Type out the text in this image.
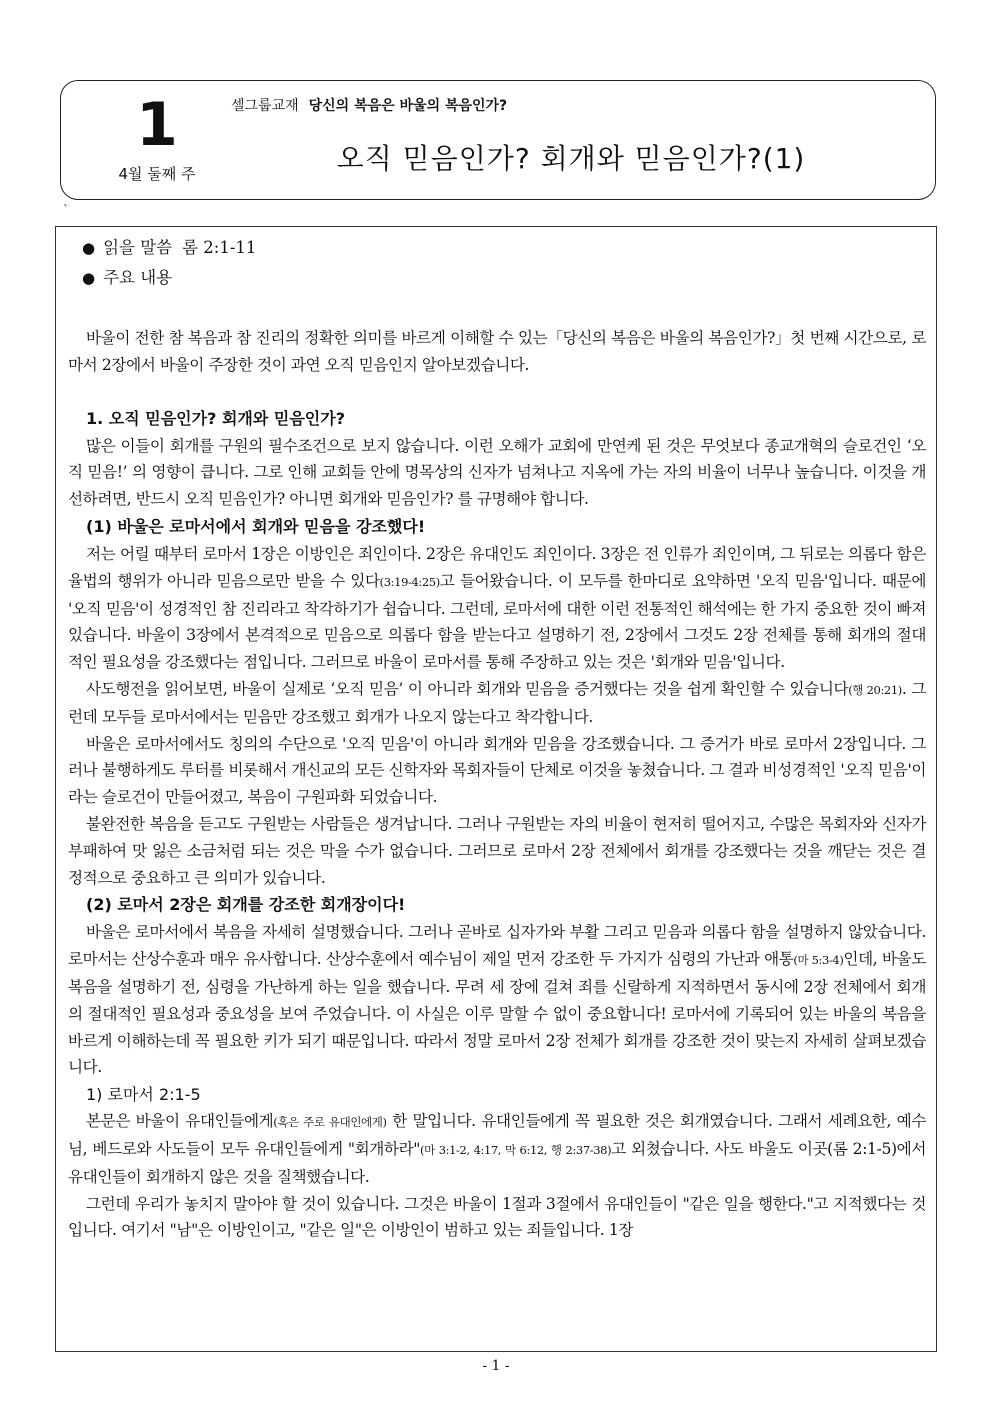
1
4월 둘째 주
셀그룹교재 당신의 복음은 바울의 복음인가?
오직 믿음인가? 회개와 믿음인가?(1)
`
● 읽을 말씀 롬 2:1-11
● 주요 내용

바울이 전한 참 복음과 참 진리의 정확한 의미를 바르게 이해할 수 있는「당신의 복음은 바울의 복음인가?」첫 번째 시간으로, 로마서 2장에서 바울이 주장한 것이 과연 오직 믿음인지 알아보겠습니다.

1. 오직 믿음인가? 회개와 믿음인가?

많은 이들이 회개를 구원의 필수조건으로 보지 않습니다. 이런 오해가 교회에 만연케 된 것은 무엇보다 종교개혁의 슬로건인 ‘오직 믿음!’ 의 영향이 큽니다. 그로 인해 교회들 안에 명목상의 신자가 넘쳐나고 지옥에 가는 자의 비율이 너무나 높습니다. 이것을 개선하려면, 반드시 오직 믿음인가? 아니면 회개와 믿음인가? 를 규명해야 합니다.

(1) 바울은 로마서에서 회개와 믿음을 강조했다!

저는 어릴 때부터 로마서 1장은 이방인은 죄인이다. 2장은 유대인도 죄인이다. 3장은 전 인류가 죄인이며, 그 뒤로는 의롭다 함은 율법의 행위가 아니라 믿음으로만 받을 수 있다(3:19-4:25)고 들어왔습니다. 이 모두를 한마디로 요약하면 '오직 믿음'입니다. 때문에 '오직 믿음'이 성경적인 참 진리라고 착각하기가 쉽습니다. 그런데, 로마서에 대한 이런 전통적인 해석에는 한 가지 중요한 것이 빠져 있습니다. 바울이 3장에서 본격적으로 믿음으로 의롭다 함을 받는다고 설명하기 전, 2장에서 그것도 2장 전체를 통해 회개의 절대적인 필요성을 강조했다는 점입니다. 그러므로 바울이 로마서를 통해 주장하고 있는 것은 '회개와 믿음'입니다.

사도행전을 읽어보면, 바울이 실제로 ‘오직 믿음’ 이 아니라 회개와 믿음을 증거했다는 것을 쉽게 확인할 수 있습니다(행 20:21). 그런데 모두들 로마서에서는 믿음만 강조했고 회개가 나오지 않는다고 착각합니다.

바울은 로마서에서도 칭의의 수단으로 '오직 믿음'이 아니라 회개와 믿음을 강조했습니다. 그 증거가 바로 로마서 2장입니다. 그러나 불행하게도 루터를 비롯해서 개신교의 모든 신학자와 목회자들이 단체로 이것을 놓쳤습니다. 그 결과 비성경적인 '오직 믿음'이라는 슬로건이 만들어졌고, 복음이 구원파화 되었습니다.

불완전한 복음을 듣고도 구원받는 사람들은 생겨납니다. 그러나 구원받는 자의 비율이 현저히 떨어지고, 수많은 목회자와 신자가 부패하여 맛 잃은 소금처럼 되는 것은 막을 수가 없습니다. 그러므로 로마서 2장 전체에서 회개를 강조했다는 것을 깨닫는 것은 결정적으로 중요하고 큰 의미가 있습니다.

(2) 로마서 2장은 회개를 강조한 회개장이다!

바울은 로마서에서 복음을 자세히 설명했습니다. 그러나 곧바로 십자가와 부활 그리고 믿음과 의롭다 함을 설명하지 않았습니다. 로마서는 산상수훈과 매우 유사합니다. 산상수훈에서 예수님이 제일 먼저 강조한 두 가지가 심령의 가난과 애통(마 5:3-4)인데, 바울도 복음을 설명하기 전, 심령을 가난하게 하는 일을 했습니다. 무려 세 장에 걸쳐 죄를 신랄하게 지적하면서 동시에 2장 전체에서 회개의 절대적인 필요성과 중요성을 보여 주었습니다. 이 사실은 이루 말할 수 없이 중요합니다! 로마서에 기록되어 있는 바울의 복음을 바르게 이해하는데 꼭 필요한 키가 되기 때문입니다. 따라서 정말 로마서 2장 전체가 회개를 강조한 것이 맞는지 자세히 살펴보겠습니다.

1) 로마서 2:1-5

본문은 바울이 유대인들에게(혹은 주로 유대인에게) 한 말입니다. 유대인들에게 꼭 필요한 것은 회개였습니다. 그래서 세례요한, 예수님, 베드로와 사도들이 모두 유대인들에게 "회개하라"(마 3:1-2, 4:17, 막 6:12, 행 2:37-38)고 외쳤습니다. 사도 바울도 이곳(롬 2:1-5)에서 유대인들이 회개하지 않은 것을 질책했습니다.

그런데 우리가 놓치지 말아야 할 것이 있습니다. 그것은 바울이 1절과 3절에서 유대인들이 "같은 일을 행한다."고 지적했다는 것입니다. 여기서 "남"은 이방인이고, "같은 일"은 이방인이 범하고 있는 죄들입니다. 1장

- 1 -
